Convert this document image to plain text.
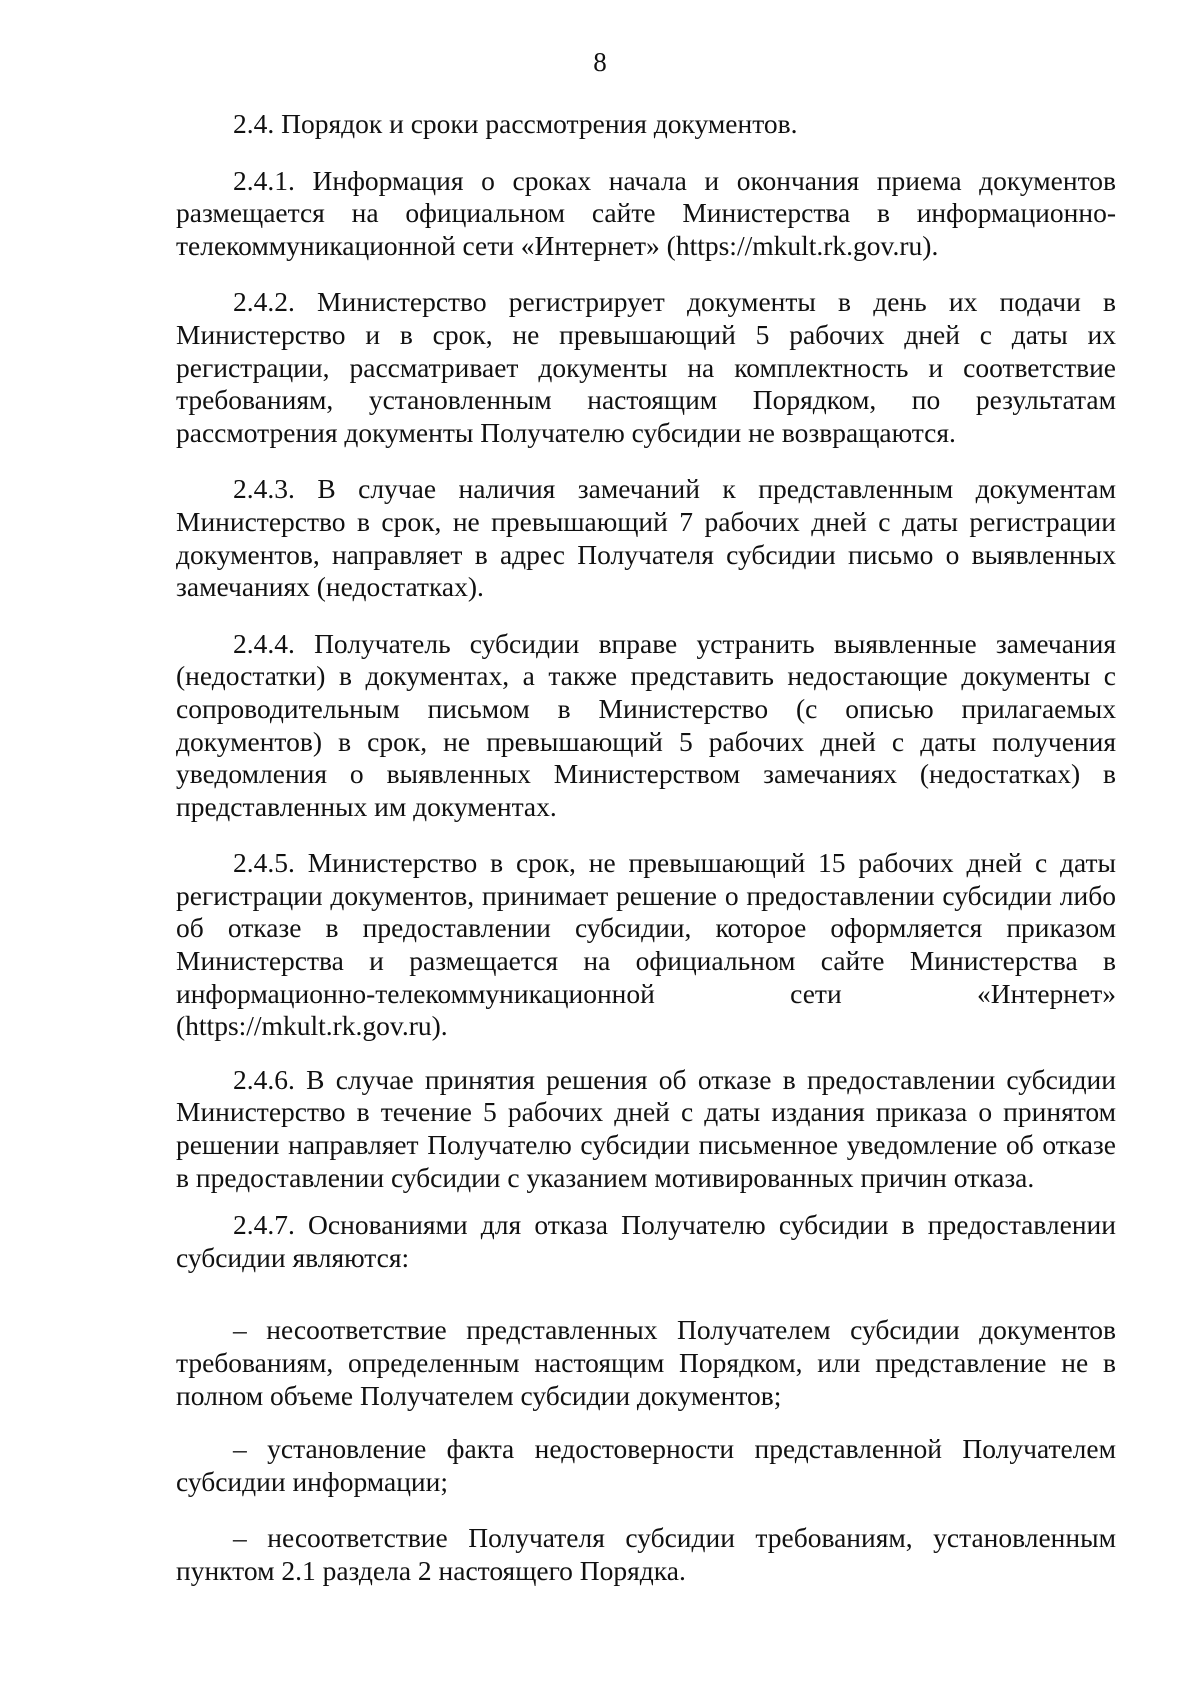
8

2.4. Порядок и сроки рассмотрения документов.

2.4.1. Информация о сроках начала и окончания приема документов размещается на официальном сайте Министерства в информационно-телекоммуникационной сети «Интернет» (https://mkult.rk.gov.ru).

2.4.2. Министерство регистрирует документы в день их подачи в Министерство и в срок, не превышающий 5 рабочих дней с даты их регистрации, рассматривает документы на комплектность и соответствие требованиям, установленным настоящим Порядком, по результатам рассмотрения документы Получателю субсидии не возвращаются.

2.4.3. В случае наличия замечаний к представленным документам Министерство в срок, не превышающий 7 рабочих дней с даты регистрации документов, направляет в адрес Получателя субсидии письмо о выявленных замечаниях (недостатках).

2.4.4. Получатель субсидии вправе устранить выявленные замечания (недостатки) в документах, а также представить недостающие документы с сопроводительным письмом в Министерство (с описью прилагаемых документов) в срок, не превышающий 5 рабочих дней с даты получения уведомления о выявленных Министерством замечаниях (недостатках) в представленных им документах.

2.4.5. Министерство в срок, не превышающий 15 рабочих дней с даты регистрации документов, принимает решение о предоставлении субсидии либо об отказе в предоставлении субсидии, которое оформляется приказом Министерства и размещается на официальном сайте Министерства в информационно-телекоммуникационной сети «Интернет» (https://mkult.rk.gov.ru).

2.4.6. В случае принятия решения об отказе в предоставлении субсидии Министерство в течение 5 рабочих дней с даты издания приказа о принятом решении направляет Получателю субсидии письменное уведомление об отказе в предоставлении субсидии с указанием мотивированных причин отказа.

2.4.7. Основаниями для отказа Получателю субсидии в предоставлении субсидии являются:

– несоответствие представленных Получателем субсидии документов требованиям, определенным настоящим Порядком, или представление не в полном объеме Получателем субсидии документов;

– установление факта недостоверности представленной Получателем субсидии информации;

– несоответствие Получателя субсидии требованиям, установленным пунктом 2.1 раздела 2 настоящего Порядка.
